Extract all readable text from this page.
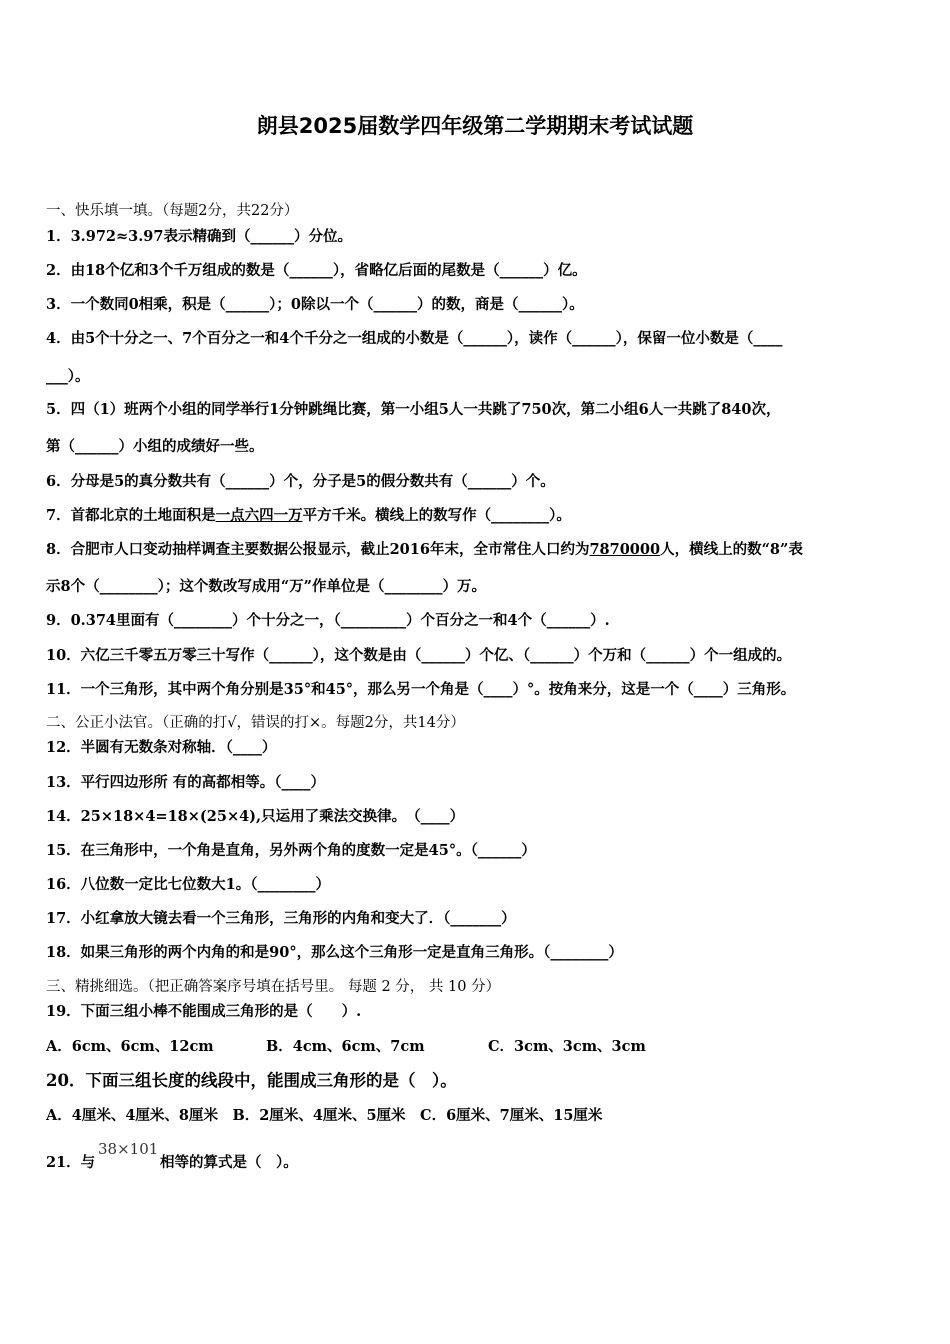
朗县2025届数学四年级第二学期期末考试试题
一、快乐填一填。（每题2分，共22分）
1．3.972≈3.97表示精确到（______）分位。
2．由18个亿和3个千万组成的数是（______），省略亿后面的尾数是（______）亿。
3．一个数同0相乘，积是（______）；0除以一个（______）的数，商是（______）。
4．由5个十分之一、7个百分之一和4个千分之一组成的小数是（______），读作（______），保留一位小数是（____
___）。
5．四（1）班两个小组的同学举行1分钟跳绳比赛，第一小组5人一共跳了750次，第二小组6人一共跳了840次，
第（______）小组的成绩好一些。
6．分母是5的真分数共有（______）个，分子是5的假分数共有（______）个。
7．首都北京的土地面积是一点六四一万平方千米。横线上的数写作（________）。
8．合肥市人口变动抽样调查主要数据公报显示，截止2016年末，全市常住人口约为7870000人，横线上的数“8”表
示8个（________）；这个数改写成用“万”作单位是（________）万。
9．0.374里面有（________）个十分之一，（_________）个百分之一和4个（______）.
10．六亿三千零五万零三十写作（______），这个数是由（______）个亿、（______）个万和（______）个一组成的。
11．一个三角形，其中两个角分别是35°和45°，那么另一个角是（____）°。按角来分，这是一个（____）三角形。
二、公正小法官。（正确的打√，错误的打×。每题2分，共14分）
12．半圆有无数条对称轴．（____）
13．平行四边形所 有的高都相等。（____）
14．25×18×4=18×(25×4),只运用了乘法交换律。　（____）
15．在三角形中，一个角是直角，另外两个角的度数一定是45°。（______）
16．八位数一定比七位数大1。（________）
17．小红拿放大镜去看一个三角形，三角形的内角和变大了．（_______）
18．如果三角形的两个内角的和是90°，那么这个三角形一定是直角三角形。（________）
三、精挑细选。（把正确答案序号填在括号里。 每题 2 分， 共 10 分）
19．下面三组小棒不能围成三角形的是（　　）.
A．6cm、6cm、12cm	B．4cm、6cm、7cm	C．3cm、3cm、3cm
20．下面三组长度的线段中，能围成三角形的是（　）。
A．4厘米、4厘米、8厘米　B．2厘米、4厘米、5厘米　C．6厘米、7厘米、15厘米
21．与
38×101
相等的算式是（　）。
